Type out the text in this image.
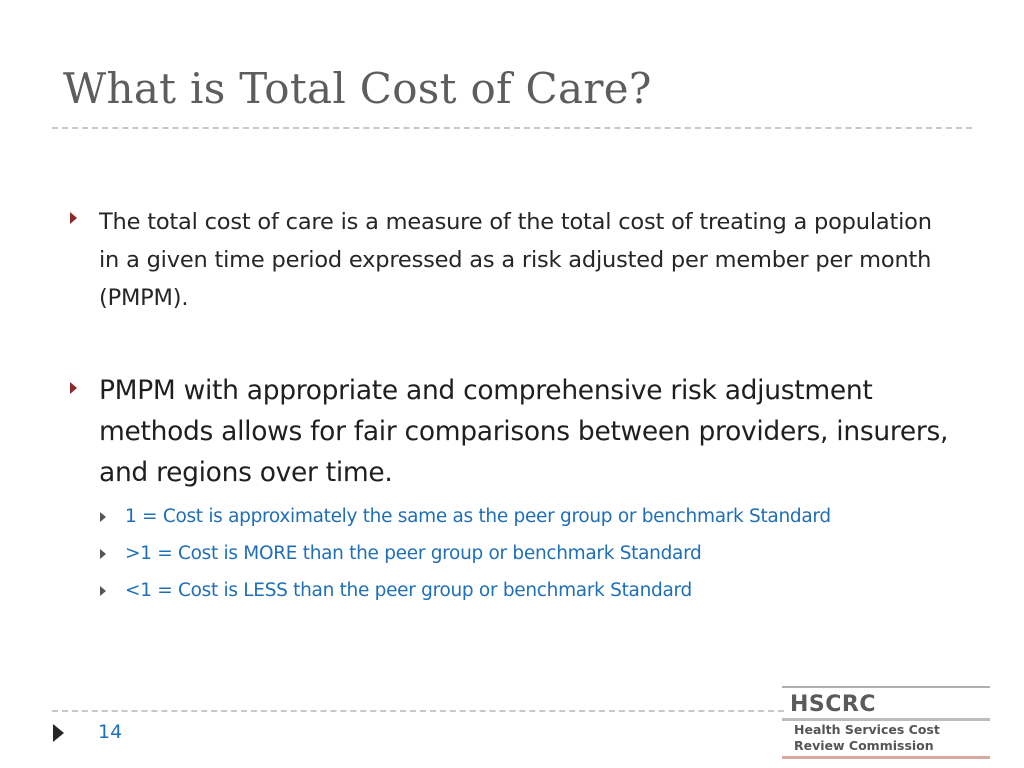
What is Total Cost of Care?
The total cost of care is a measure of the total cost of treating a population in a given time period expressed as a risk adjusted per member per month (PMPM).
PMPM with appropriate and comprehensive risk adjustment methods allows for fair comparisons between providers, insurers, and regions over time.
1 = Cost is approximately the same as the peer group or benchmark Standard
>1 = Cost is MORE than the peer group or benchmark Standard
<1 = Cost is LESS than the peer group or benchmark Standard
14
HSCRC
Health Services Cost
Review Commission
